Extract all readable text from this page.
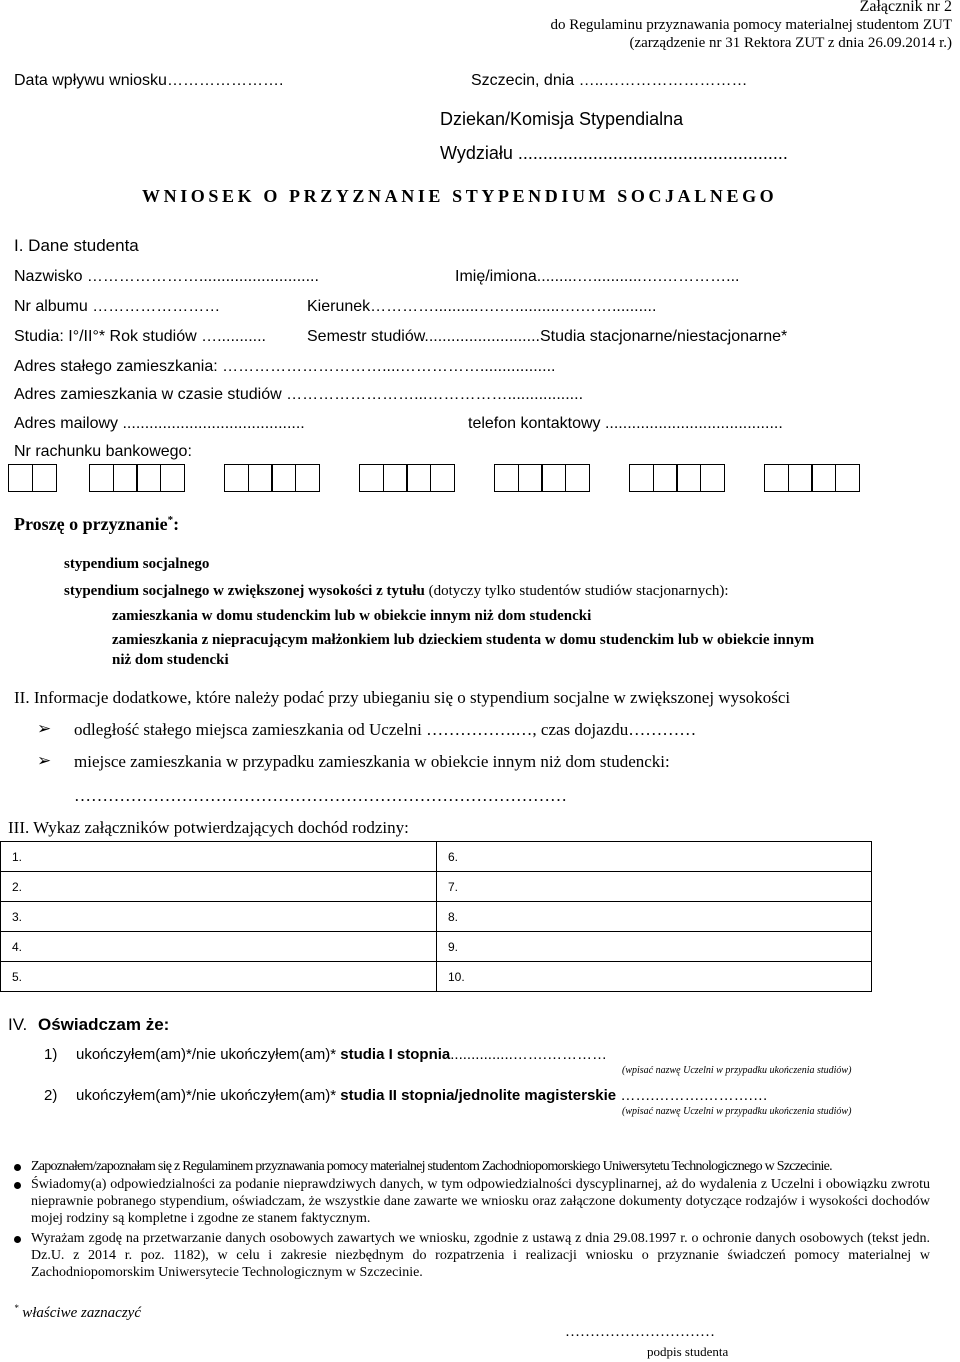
Załącznik nr 2
do Regulaminu przyznawania pomocy materialnej studentom ZUT
(zarządzenie nr 31 Rektora ZUT z dnia 26.09.2014 r.)
Data wpływu wniosku………………….	Szczecin, dnia …..………………………
Dziekan/Komisja Stypendialna
Wydziału ......................................................
WNIOSEK O PRZYZNANIE STYPENDIUM SOCJALNEGO
I. Dane studenta
Nazwisko …………………...........................	Imię/imiona.........…...........….…………...
Nr albumu ……………………	Kierunek…………..........….…..........….……..........
Studia: I°/II°* Rok studiów …...........	Semestr studiów..........................Studia stacjonarne/niestacjonarne*
Adres stałego zamieszkania: …………………………....…………….................
Adres zamieszkania w czasie studiów ……………………...…………….................
Adres mailowy .........................................	telefon kontaktowy ........................................
Nr rachunku bankowego:
Proszę o przyznanie*:
stypendium socjalnego
stypendium socjalnego w zwiększonej wysokości z tytułu (dotyczy tylko studentów studiów stacjonarnych):
zamieszkania w domu studenckim lub w obiekcie innym niż dom studencki
zamieszkania z niepracującym małżonkiem lub dzieckiem studenta w domu studenckim lub w obiekcie innym
niż dom studencki
II. Informacje dodatkowe, które należy podać przy ubieganiu się o stypendium socjalne w zwiększonej wysokości
➢ odległość stałego miejsca zamieszkania od Uczelni …………….…, czas dojazdu…………
➢ miejsce zamieszkania w przypadku zamieszkania w obiekcie innym niż dom studencki:
……………………………………………………………………………
III. Wykaz załączników potwierdzających dochód rodziny:
1.	6.
2.	7.
3.	8.
4.	9.
5.	10.
IV. Oświadczam że:
1) ukończyłem(am)*/nie ukończyłem(am)* studia I stopnia...............…….…………
(wpisać nazwę Uczelni w przypadku ukończenia studiów)
2) ukończyłem(am)*/nie ukończyłem(am)* studia II stopnia/jednolite magisterskie …….……….……….…
(wpisać nazwę Uczelni w przypadku ukończenia studiów)
Zapoznałem/zapoznałam się z Regulaminem przyznawania pomocy materialnej studentom Zachodniopomorskiego Uniwersytetu Technologicznego w Szczecinie.
Świadomy(a) odpowiedzialności za podanie nieprawdziwych danych, w tym odpowiedzialności dyscyplinarnej, aż do wydalenia z Uczelni i obowiązku zwrotu nieprawnie pobranego stypendium, oświadczam, że wszystkie dane zawarte we wniosku oraz załączone dokumenty dotyczące rodzajów i wysokości dochodów mojej rodziny są kompletne i zgodne ze stanem faktycznym.
Wyrażam zgodę na przetwarzanie danych osobowych zawartych we wniosku, zgodnie z ustawą z dnia 29.08.1997 r. o ochronie danych osobowych (tekst jedn. Dz.U. z 2014 r. poz. 1182), w celu i zakresie niezbędnym do rozpatrzenia i realizacji wniosku o przyznanie świadczeń pomocy materialnej w Zachodniopomorskim Uniwersytecie Technologicznym w Szczecinie.
* właściwe zaznaczyć
…………………………
podpis studenta
